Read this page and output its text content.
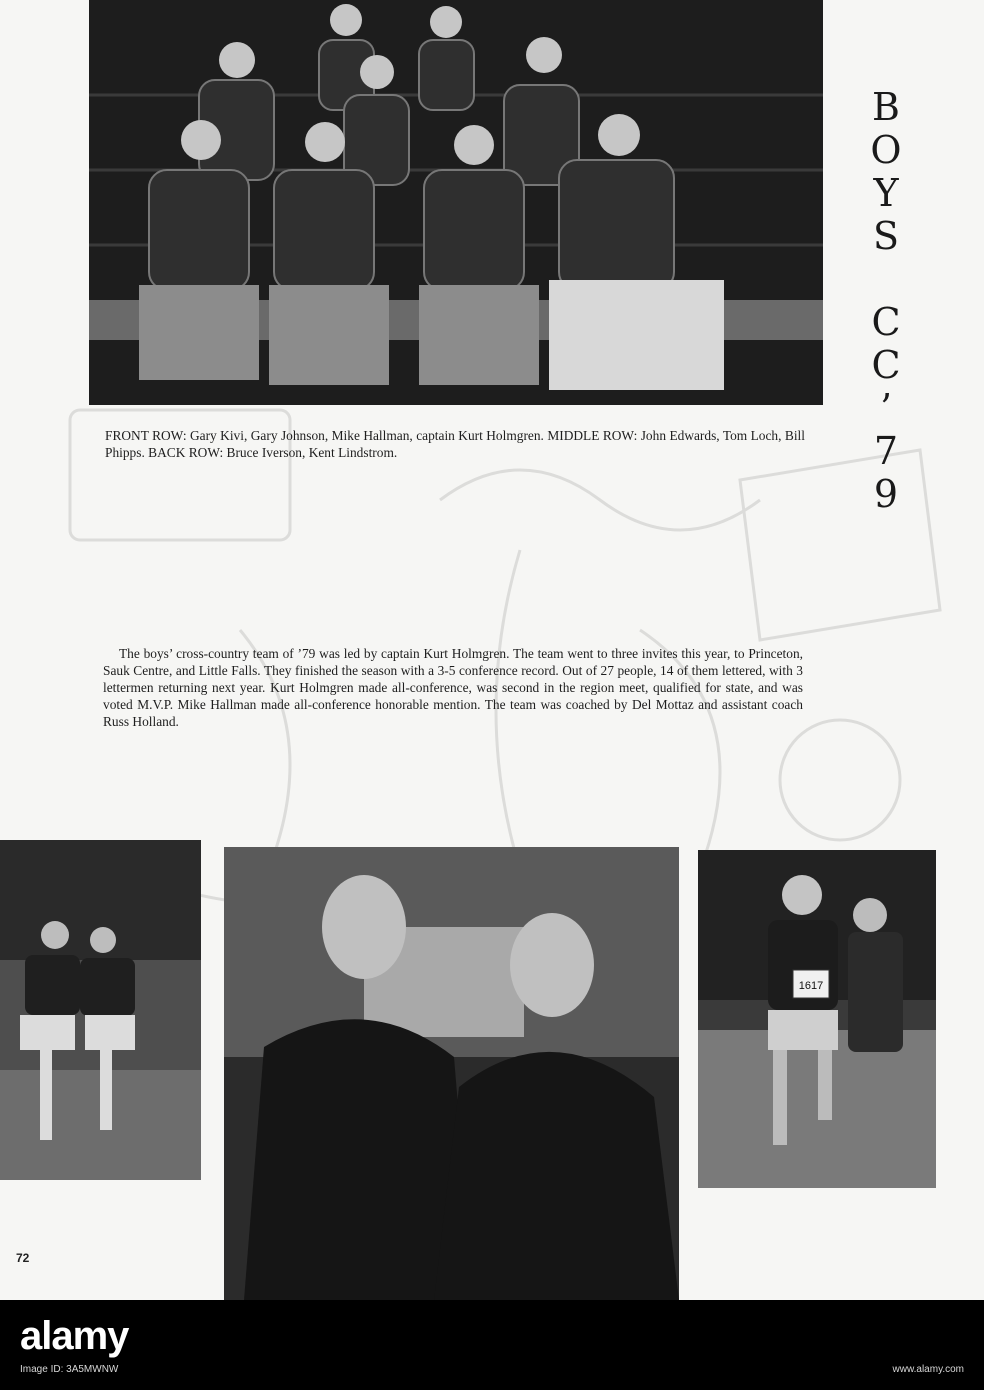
FRONT ROW: Gary Kivi, Gary Johnson, Mike Hallman, captain Kurt Holmgren. MIDDLE ROW: John Edwards, Tom Loch, Bill Phipps. BACK ROW: Bruce Iverson, Kent Lindstrom.

B
O
Y
S
C
C
’
7
9

The boys’ cross-country team of ’79 was led by captain Kurt Holmgren. The team went to three invites this year, to Princeton, Sauk Centre, and Little Falls. They finished the season with a 3-5 conference record. Out of 27 people, 14 of them lettered, with 3 lettermen returning next year. Kurt Holmgren made all-conference, was second in the region meet, qualified for state, and was voted M.V.P. Mike Hallman made all-conference honorable mention. The team was coached by Del Mottaz and assistant coach Russ Holland.

1617
72
alamy
Image ID: 3A5MWNW	www.alamy.com
